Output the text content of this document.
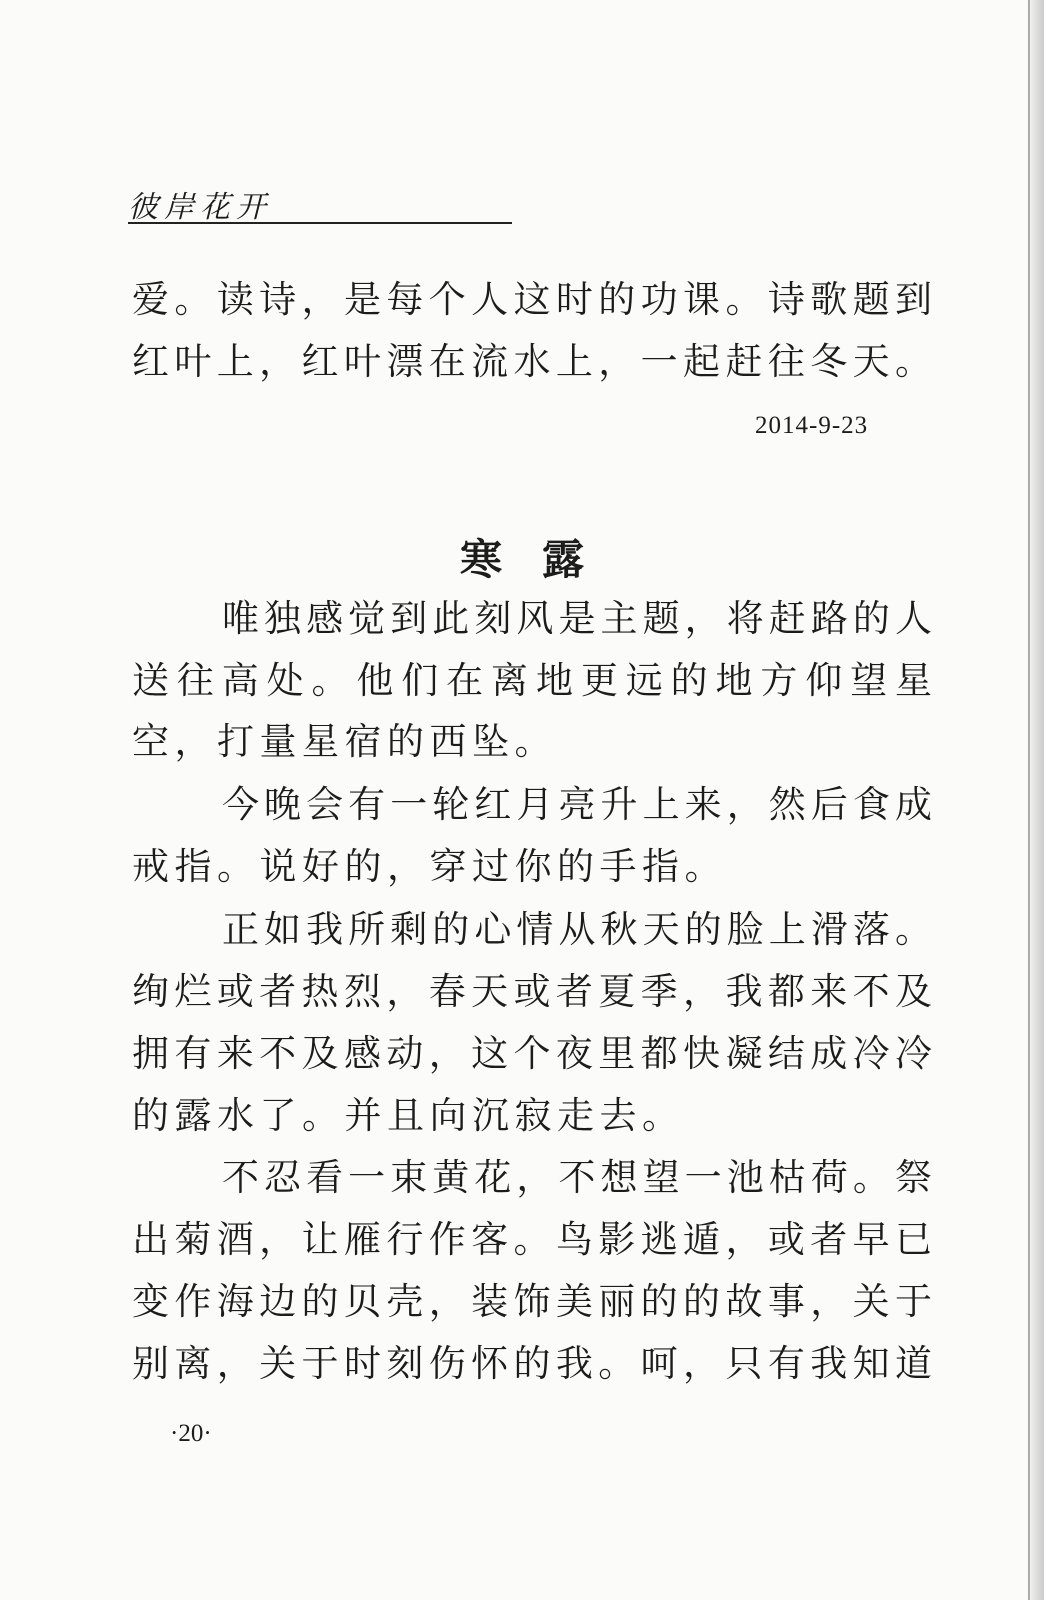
彼岸花开
爱。读诗，是每个人这时的功课。诗歌题到
红叶上，红叶漂在流水上，一起赶往冬天。
2014-9-23
寒露
唯独感觉到此刻风是主题，将赶路的人
送往高处。他们在离地更远的地方仰望星
空，打量星宿的西坠。
今晚会有一轮红月亮升上来，然后食成
戒指。说好的，穿过你的手指。
正如我所剩的心情从秋天的脸上滑落。
绚烂或者热烈，春天或者夏季，我都来不及
拥有来不及感动，这个夜里都快凝结成冷冷
的露水了。并且向沉寂走去。
不忍看一束黄花，不想望一池枯荷。祭
出菊酒，让雁行作客。鸟影逃遁，或者早已
变作海边的贝壳，装饰美丽的的故事，关于
别离，关于时刻伤怀的我。呵，只有我知道
·20·
